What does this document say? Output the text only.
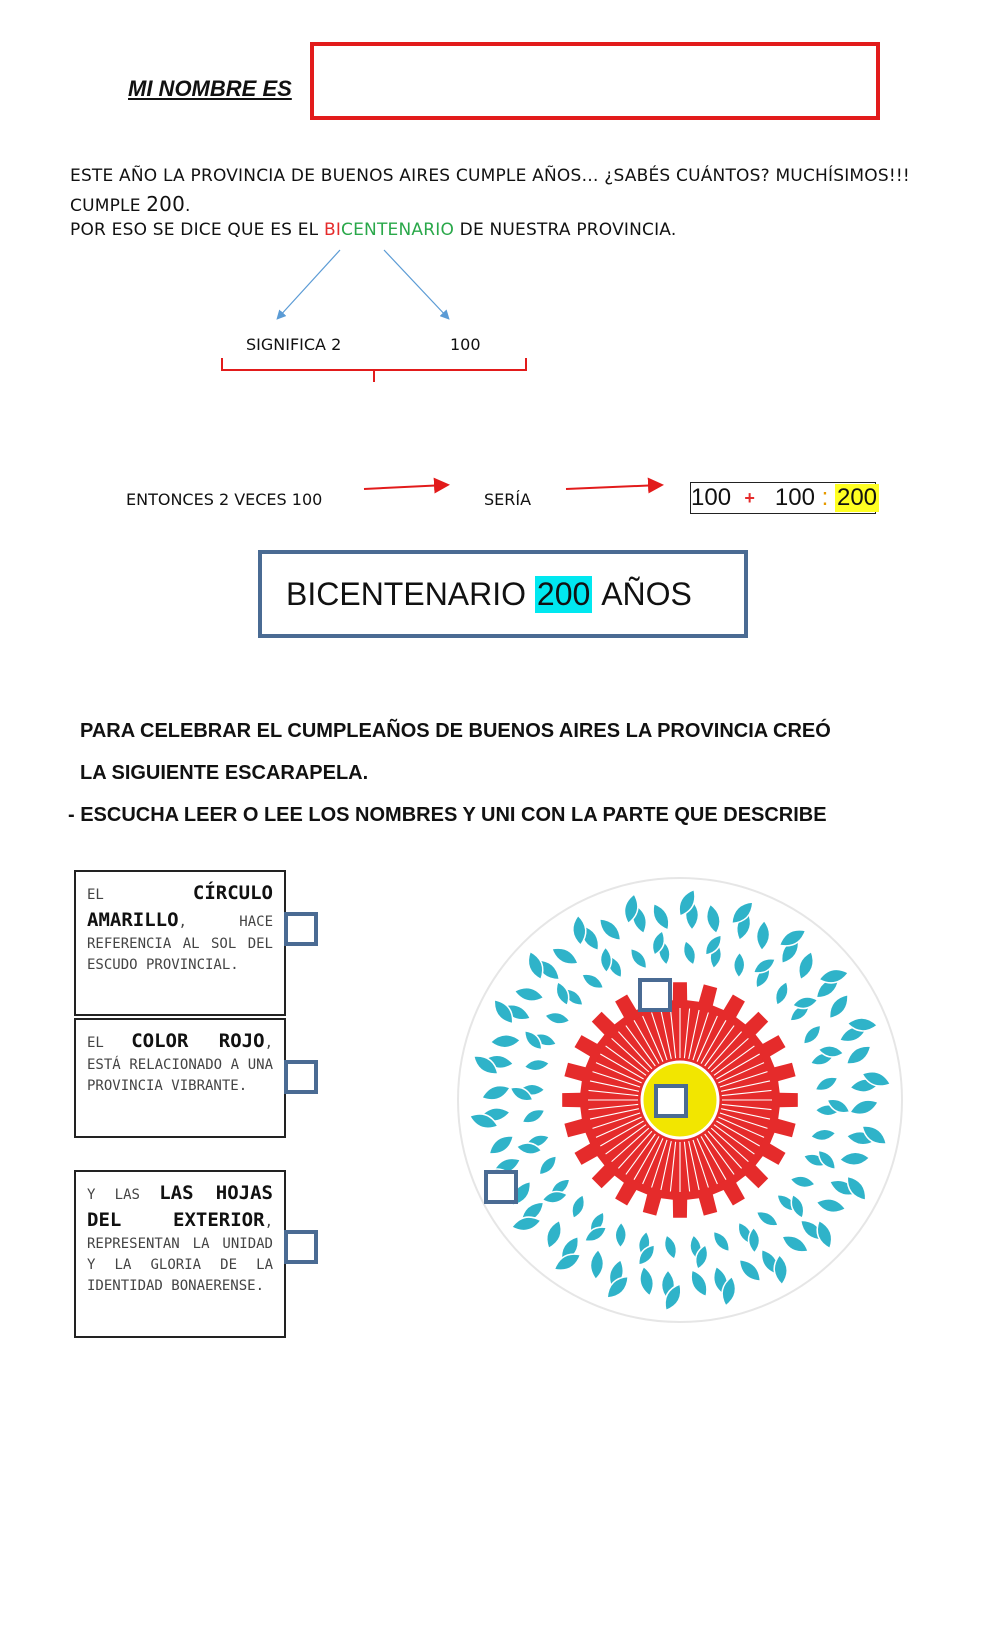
MI NOMBRE ES
ESTE AÑO LA PROVINCIA DE BUENOS AIRES CUMPLE AÑOS… ¿SABÉS CUÁNTOS? MUCHÍSIMOS!!!
CUMPLE 200.
POR ESO SE DICE QUE ES EL BICENTENARIO DE NUESTRA PROVINCIA.
SIGNIFICA 2	100
ENTONCES 2 VECES 100	SERÍA	100
+
100
:
200
BICENTENARIO
200
AÑOS
PARA CELEBRAR EL CUMPLEAÑOS DE BUENOS AIRES LA PROVINCIA CREÓ
LA SIGUIENTE ESCARAPELA.
- ESCUCHA LEER O LEE LOS NOMBRES Y UNI CON LA PARTE QUE DESCRIBE
EL	CÍRCULO AMARILLO, HACE REFERENCIA AL SOL DEL ESCUDO PROVINCIAL.
EL COLOR ROJO, ESTÁ RELACIONADO A UNA PROVINCIA VIBRANTE.
Y LAS LAS HOJAS DEL EXTERIOR, REPRESENTAN LA UNIDAD Y LA GLORIA DE LA IDENTIDAD BONAERENSE.
